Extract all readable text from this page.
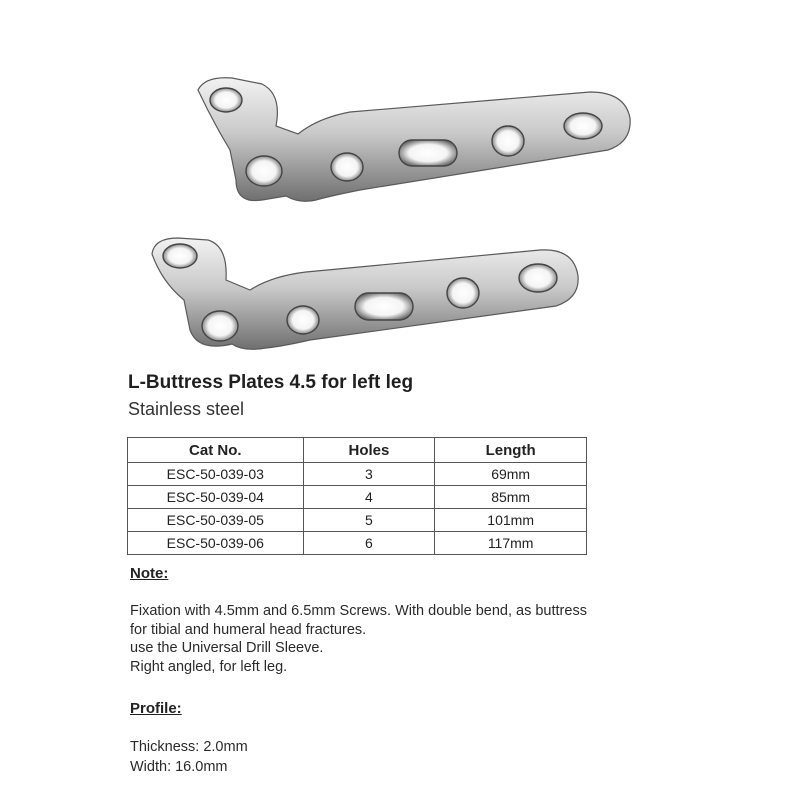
L-Buttress Plates 4.5 for left leg
Stainless steel
Cat No.	Holes	Length
ESC-50-039-03	3	69mm
ESC-50-039-04	4	85mm
ESC-50-039-05	5	101mm
ESC-50-039-06	6	117mm
Note:
Fixation with 4.5mm and 6.5mm Screws. With double bend, as buttress
for tibial and humeral head fractures.
use the Universal Drill Sleeve.
Right angled, for left leg.
Profile:
Thickness: 2.0mm
Width: 16.0mm
